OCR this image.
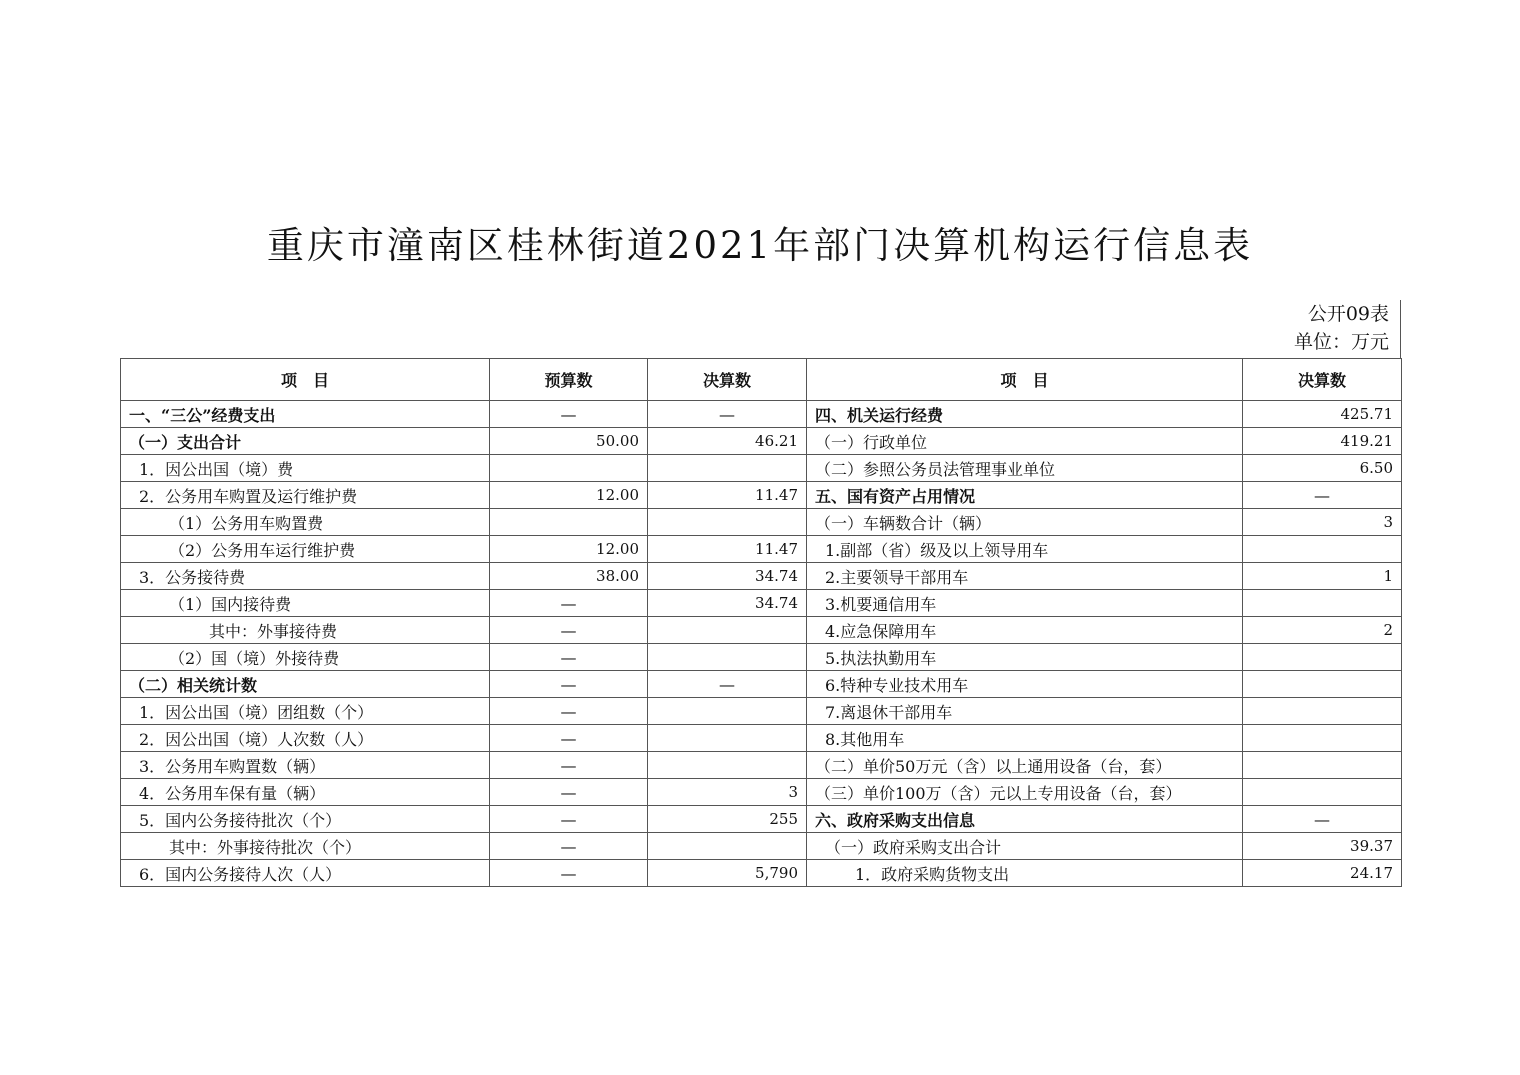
重庆市潼南区桂林街道2021年部门决算机构运行信息表
公开09表
单位：万元
项　目	预算数	决算数	项　目	决算数
一、“三公”经费支出	—	—	四、机关运行经费	425.71
（一）支出合计	50.00	46.21	（一）行政单位	419.21
1．因公出国（境）费			（二）参照公务员法管理事业单位	6.50
2．公务用车购置及运行维护费	12.00	11.47	五、国有资产占用情况	—
（1）公务用车购置费			（一）车辆数合计（辆）	3
（2）公务用车运行维护费	12.00	11.47	1.副部（省）级及以上领导用车	
3．公务接待费	38.00	34.74	2.主要领导干部用车	1
（1）国内接待费	—	34.74	3.机要通信用车	
其中：外事接待费	—		4.应急保障用车	2
（2）国（境）外接待费	—		5.执法执勤用车	
（二）相关统计数	—	—	6.特种专业技术用车	
1．因公出国（境）团组数（个）	—		7.离退休干部用车	
2．因公出国（境）人次数（人）	—		8.其他用车	
3．公务用车购置数（辆）	—		（二）单价50万元（含）以上通用设备（台，套）	
4．公务用车保有量（辆）	—	3	（三）单价100万（含）元以上专用设备（台，套）	
5．国内公务接待批次（个）	—	255	六、政府采购支出信息	—
其中：外事接待批次（个）	—		（一）政府采购支出合计	39.37
6．国内公务接待人次（人）	—	5,790	1．政府采购货物支出	24.17
